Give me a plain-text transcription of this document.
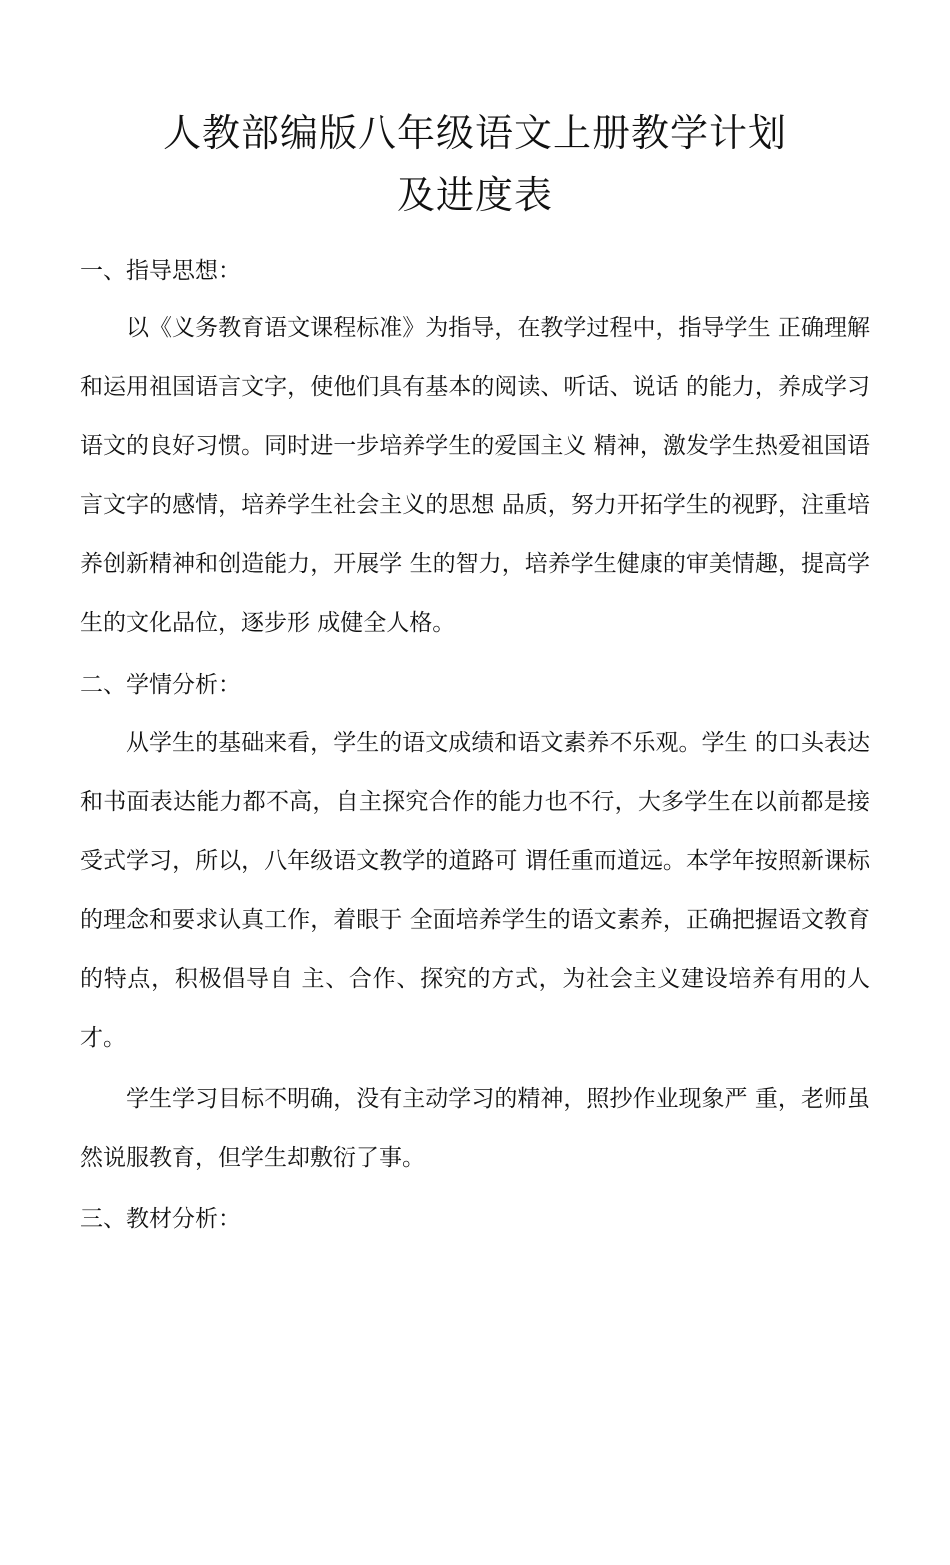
人教部编版八年级语文上册教学计划
及进度表
一、指导思想：

以《义务教育语文课程标准》为指导，在教学过程中，指导学生 正确理解和运用祖国语言文字，使他们具有基本的阅读、听话、说话 的能力，养成学习语文的良好习惯。同时进一步培养学生的爱国主义 精神，激发学生热爱祖国语言文字的感情，培养学生社会主义的思想 品质，努力开拓学生的视野，注重培养创新精神和创造能力，开展学 生的智力，培养学生健康的审美情趣，提高学生的文化品位，逐步形 成健全人格。

二、学情分析：

从学生的基础来看，学生的语文成绩和语文素养不乐观。学生 的口头表达和书面表达能力都不高，自主探究合作的能力也不行，大多学生在以前都是接受式学习，所以，八年级语文教学的道路可 谓任重而道远。本学年按照新课标的理念和要求认真工作，着眼于 全面培养学生的语文素养，正确把握语文教育的特点，积极倡导自 主、合作、探究的方式，为社会主义建设培养有用的人才。

学生学习目标不明确，没有主动学习的精神，照抄作业现象严 重，老师虽然说服教育，但学生却敷衍了事。

三、教材分析：
